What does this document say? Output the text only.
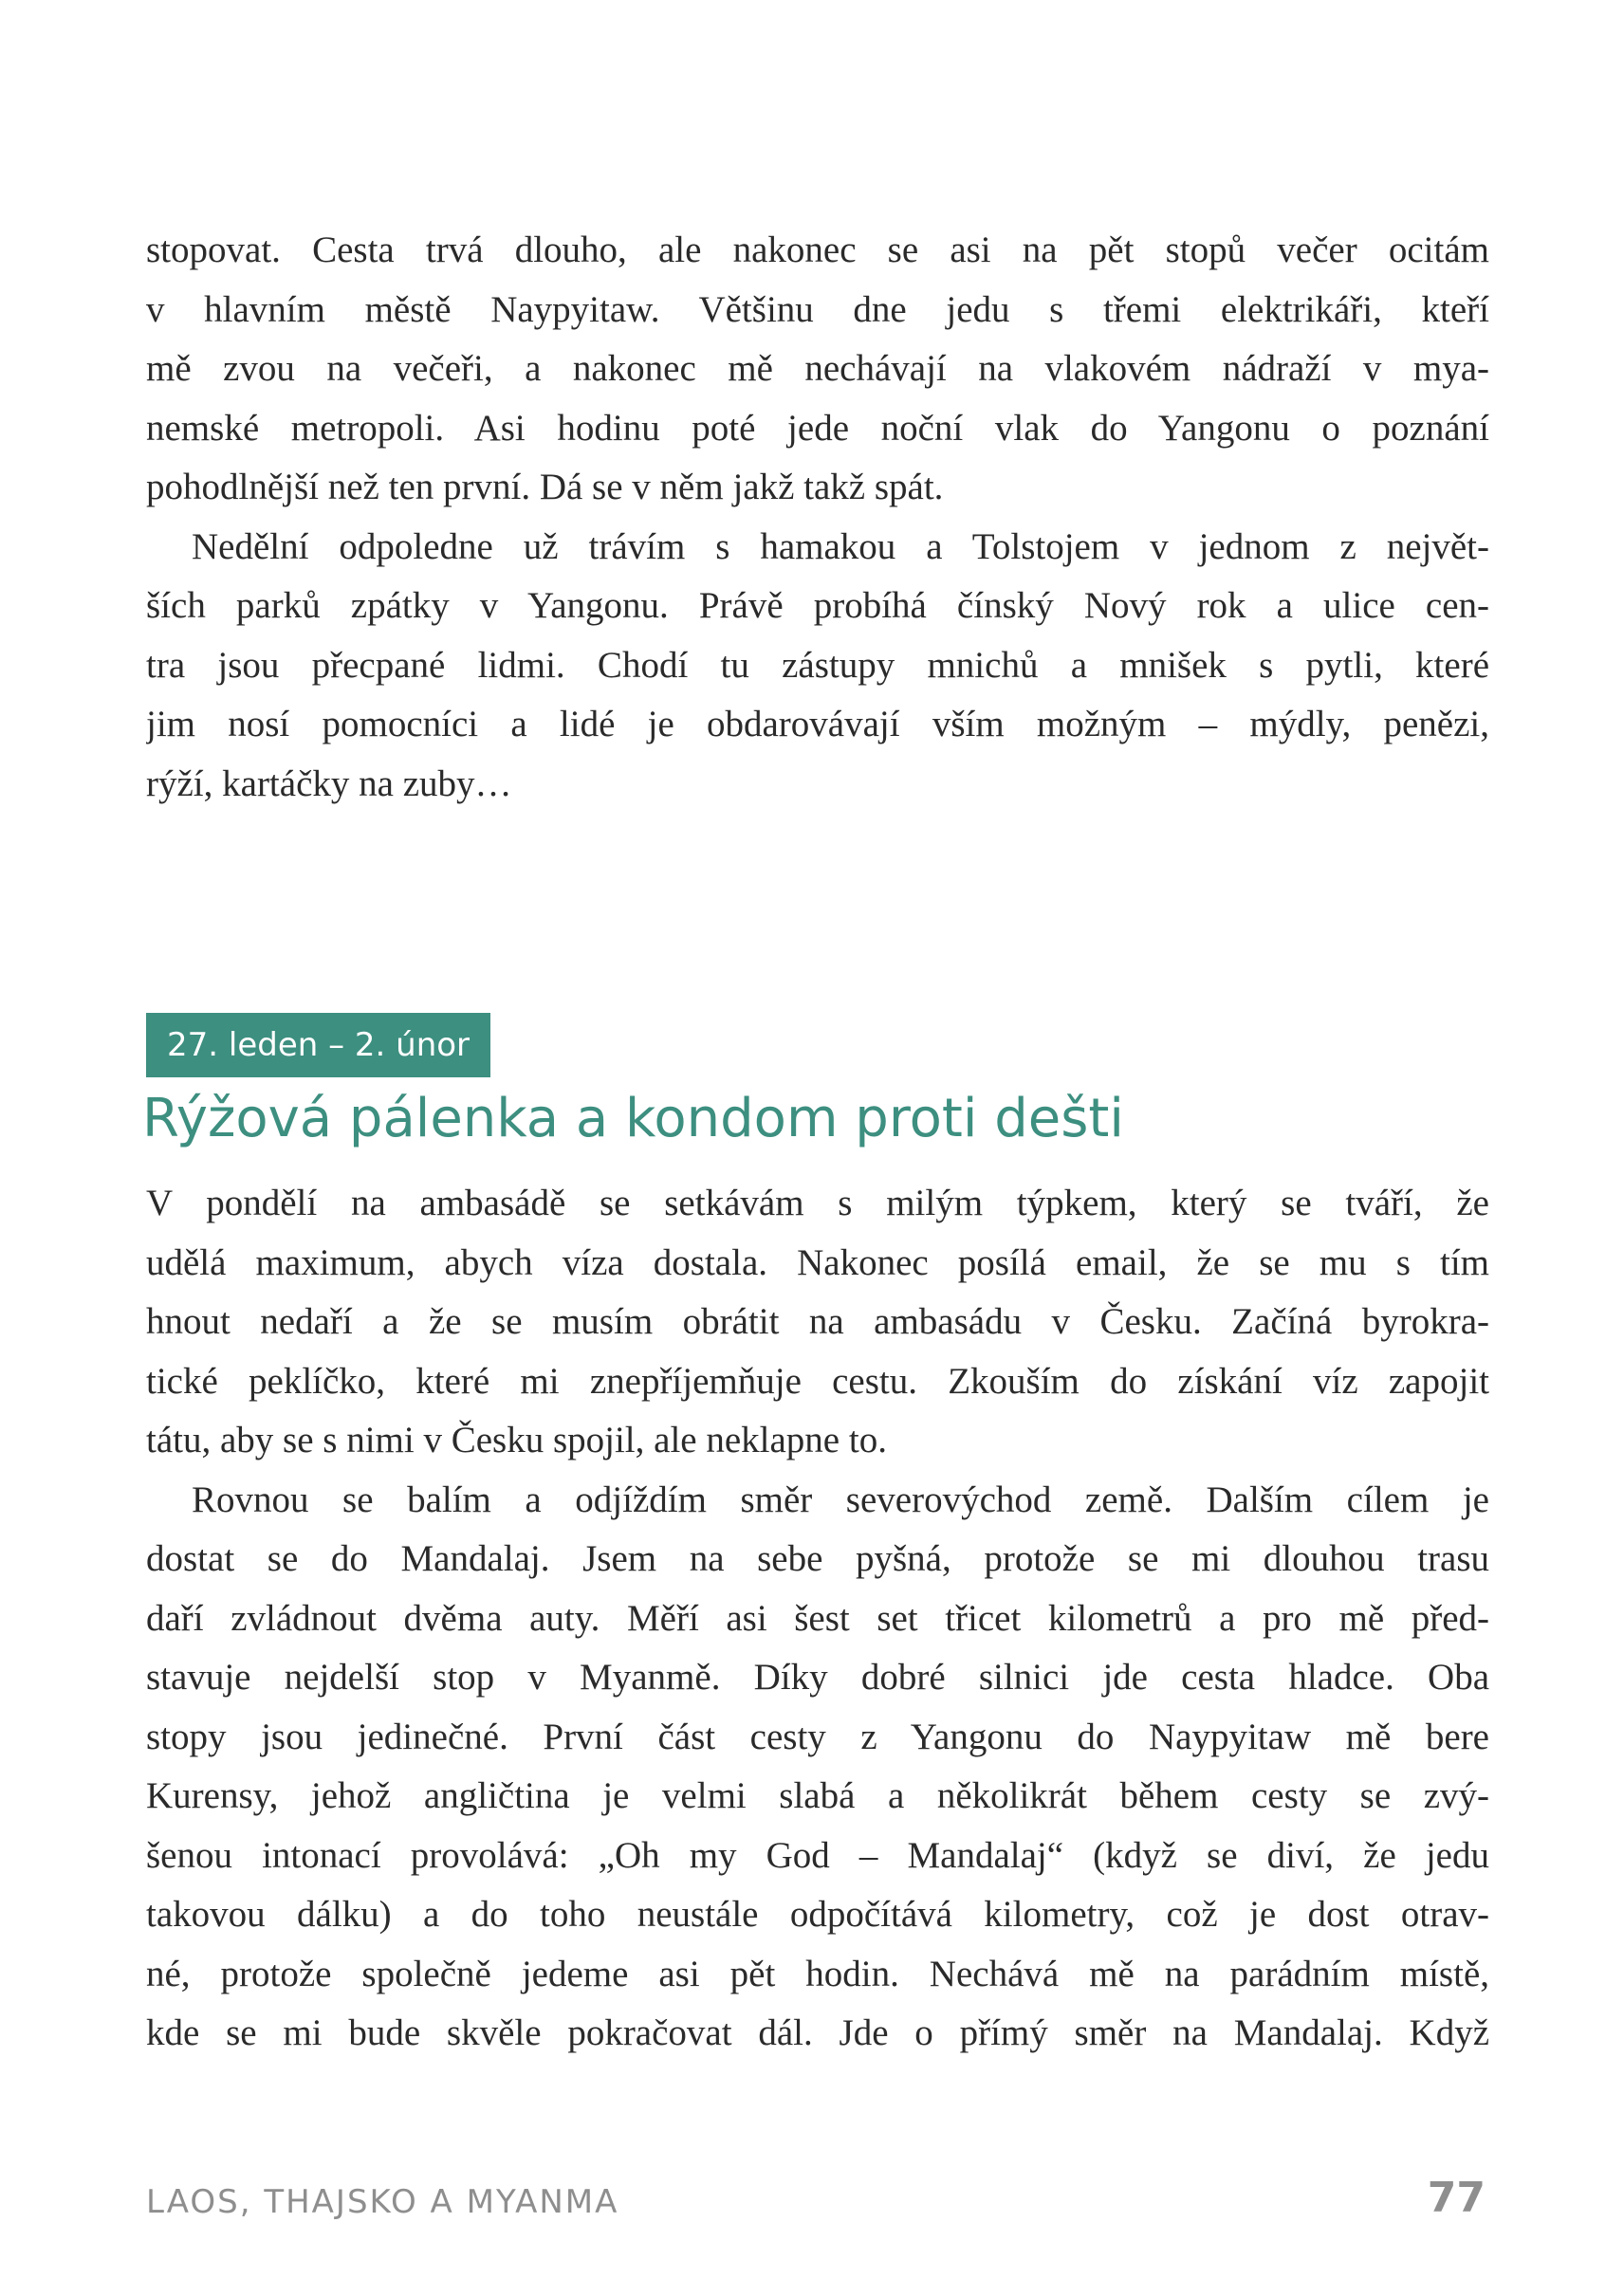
stopovat. Cesta trvá dlouho, ale nakonec se asi na pět stopů večer ocitám
v hlavním městě Naypyitaw. Většinu dne jedu s třemi elektrikáři, kteří
mě zvou na večeři, a nakonec mě nechávají na vlakovém nádraží v mya-
nemské metropoli. Asi hodinu poté jede noční vlak do Yangonu o poznání
pohodlnější než ten první. Dá se v něm jakž takž spát.
Nedělní odpoledne už trávím s hamakou a Tolstojem v jednom z největ-
ších parků zpátky v Yangonu. Právě probíhá čínský Nový rok a ulice cen-
tra jsou přecpané lidmi. Chodí tu zástupy mnichů a mnišek s pytli, které
jim nosí pomocníci a lidé je obdarovávají vším možným – mýdly, penězi,
rýží, kartáčky na zuby…
27. leden – 2. únor
Rýžová pálenka a kondom proti dešti
V pondělí na ambasádě se setkávám s milým týpkem, který se tváří, že
udělá maximum, abych víza dostala. Nakonec posílá email, že se mu s tím
hnout nedaří a že se musím obrátit na ambasádu v Česku. Začíná byrokra-
tické peklíčko, které mi znepříjemňuje cestu. Zkouším do získání víz zapojit
tátu, aby se s nimi v Česku spojil, ale neklapne to.
Rovnou se balím a odjíždím směr severovýchod země. Dalším cílem je
dostat se do Mandalaj. Jsem na sebe pyšná, protože se mi dlouhou trasu
daří zvládnout dvěma auty. Měří asi šest set třicet kilometrů a pro mě před-
stavuje nejdelší stop v Myanmě. Díky dobré silnici jde cesta hladce. Oba
stopy jsou jedinečné. První část cesty z Yangonu do Naypyitaw mě bere
Kurensy, jehož angličtina je velmi slabá a několikrát během cesty se zvý-
šenou intonací provolává: „Oh my God – Mandalaj“ (když se diví, že jedu
takovou dálku) a do toho neustále odpočítává kilometry, což je dost otrav-
né, protože společně jedeme asi pět hodin. Nechává mě na parádním místě,
kde se mi bude skvěle pokračovat dál. Jde o přímý směr na Mandalaj. Když
LAOS, THAJSKO A MYANMA	77
